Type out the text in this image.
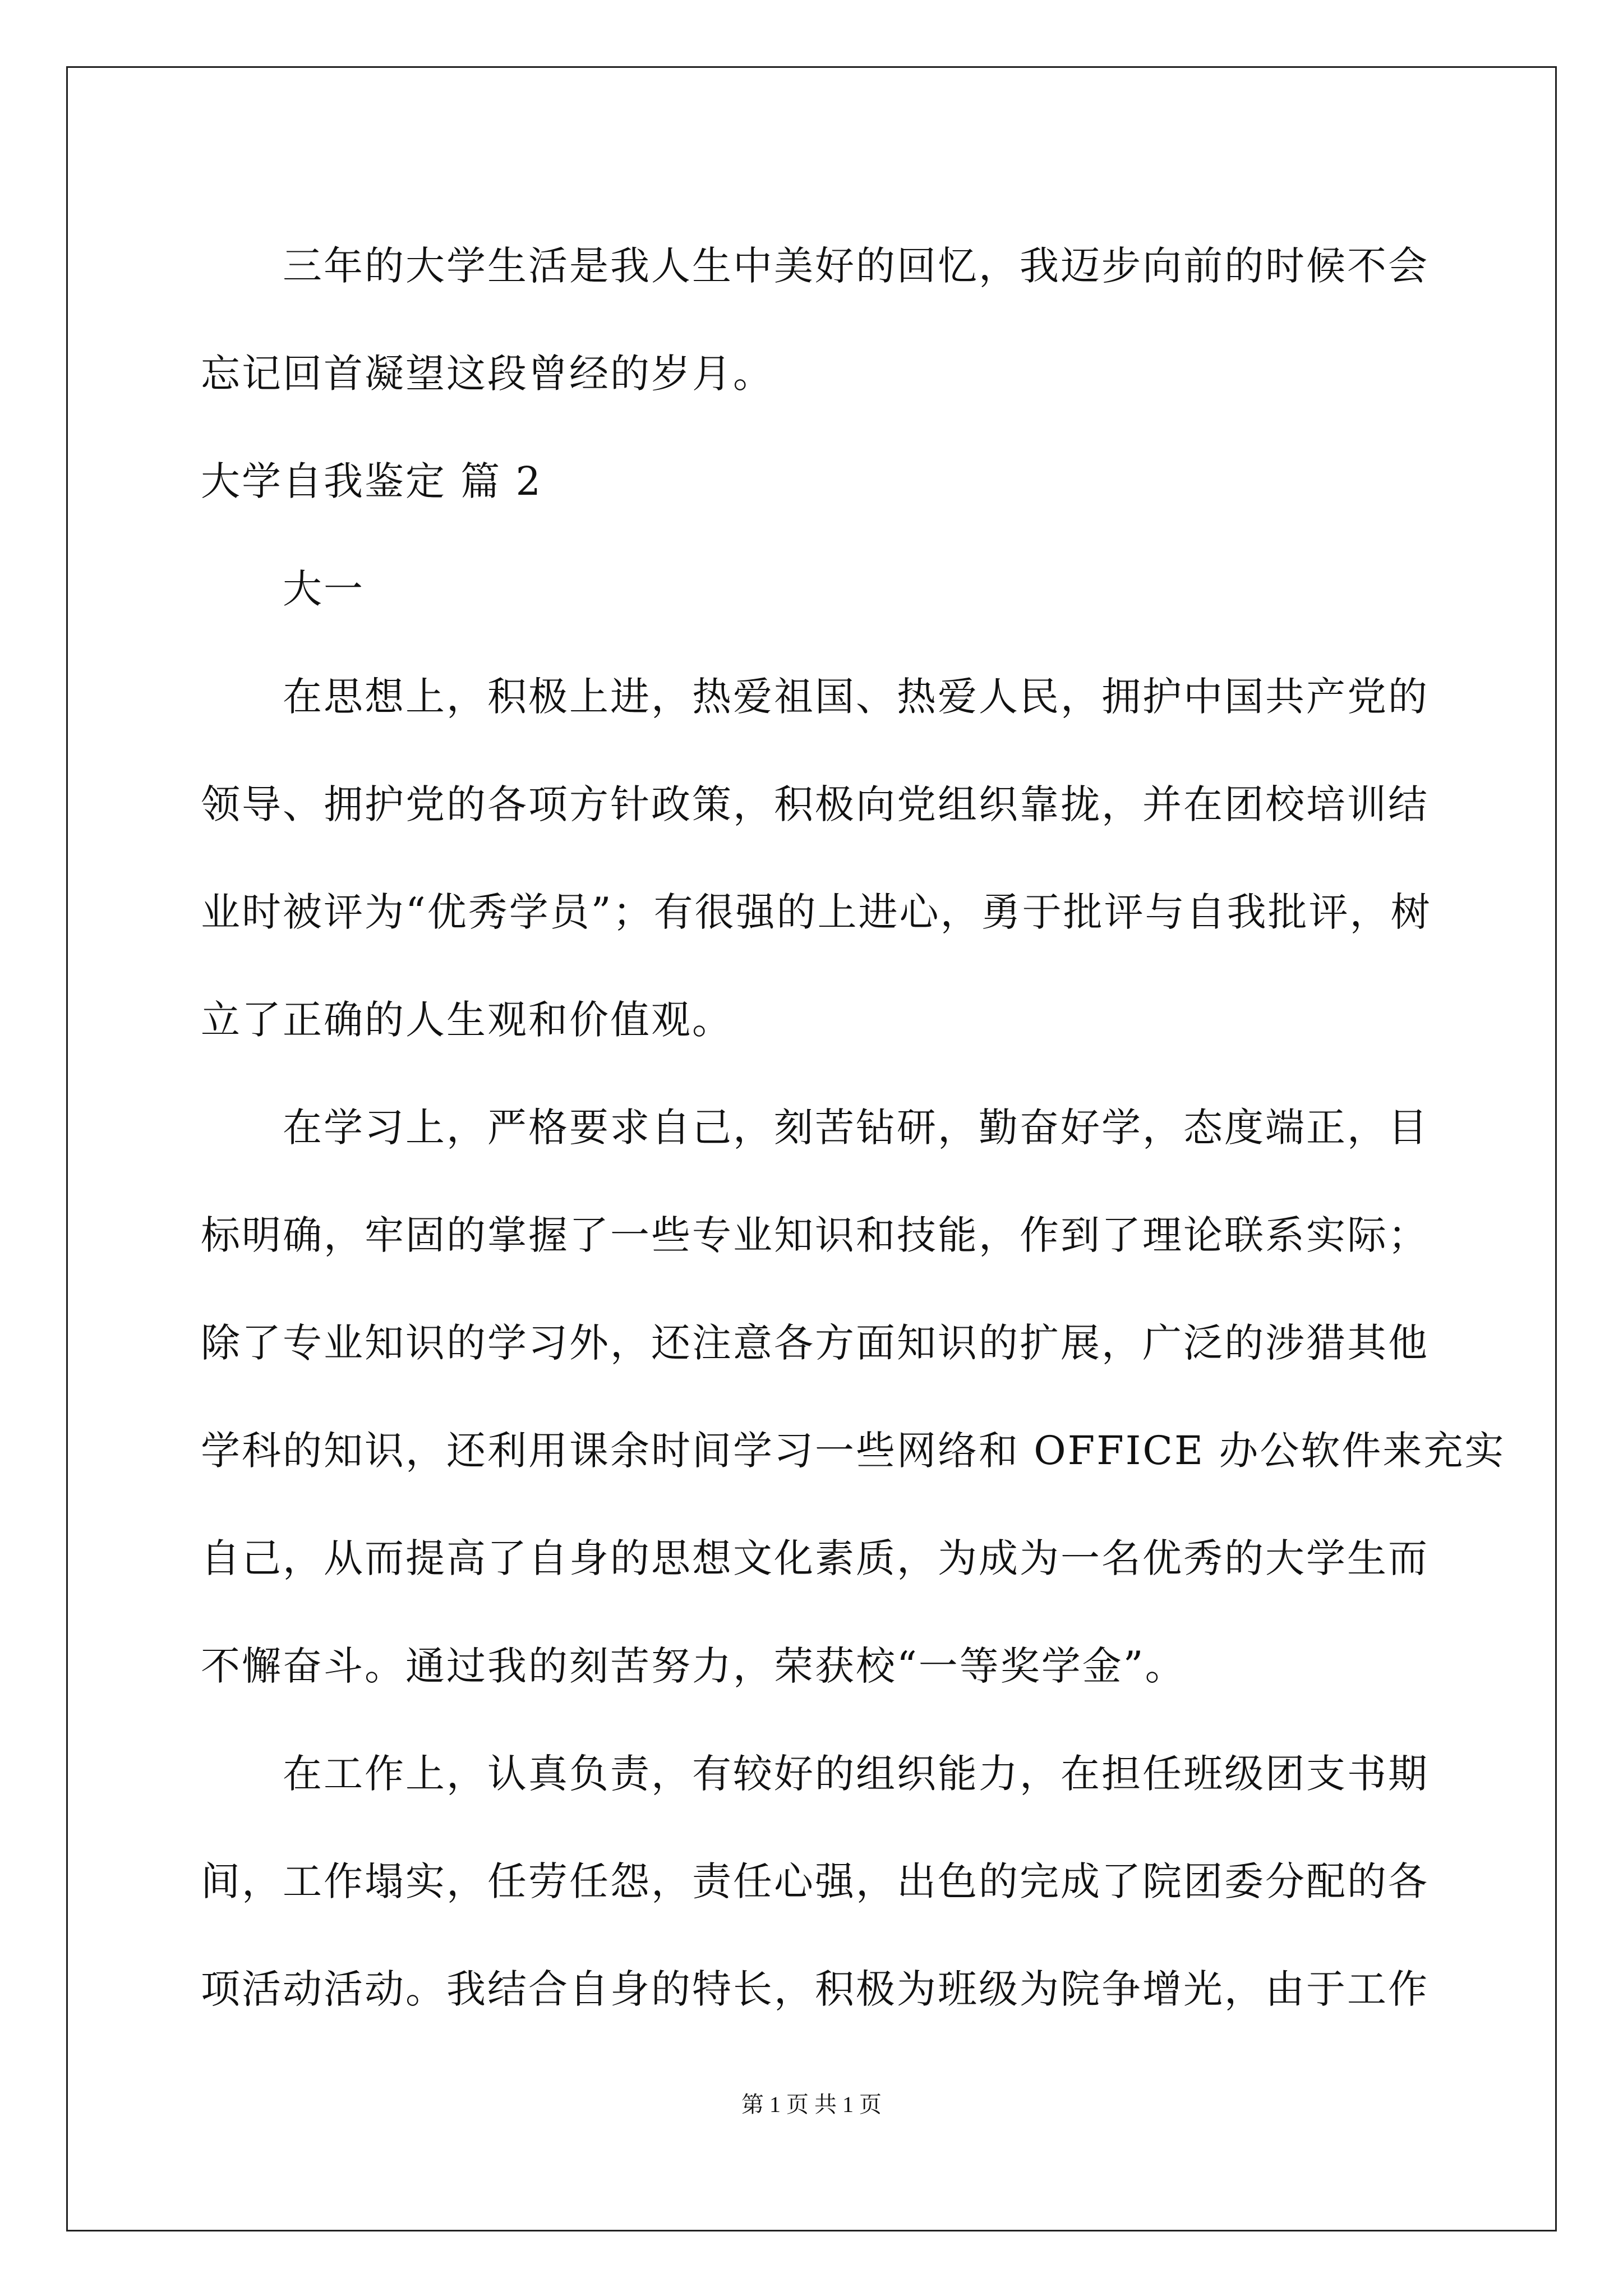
三年的大学生活是我人生中美好的回忆，我迈步向前的时候不会
忘记回首凝望这段曾经的岁月。
大学自我鉴定 篇 2
大一
在思想上，积极上进，热爱祖国、热爱人民，拥护中国共产党的
领导、拥护党的各项方针政策，积极向党组织靠拢，并在团校培训结
业时被评为“优秀学员”；有很强的上进心，勇于批评与自我批评，树
立了正确的人生观和价值观。
在学习上，严格要求自己，刻苦钻研，勤奋好学，态度端正，目
标明确，牢固的掌握了一些专业知识和技能，作到了理论联系实际；
除了专业知识的学习外，还注意各方面知识的扩展，广泛的涉猎其他
学科的知识，还利用课余时间学习一些网络和 OFFICE 办公软件来充实
自己，从而提高了自身的思想文化素质，为成为一名优秀的大学生而
不懈奋斗。通过我的刻苦努力，荣获校“一等奖学金”。
在工作上，认真负责，有较好的组织能力，在担任班级团支书期
间，工作塌实，任劳任怨，责任心强，出色的完成了院团委分配的各
项活动活动。我结合自身的特长，积极为班级为院争增光，由于工作
第 1 页 共 1 页
